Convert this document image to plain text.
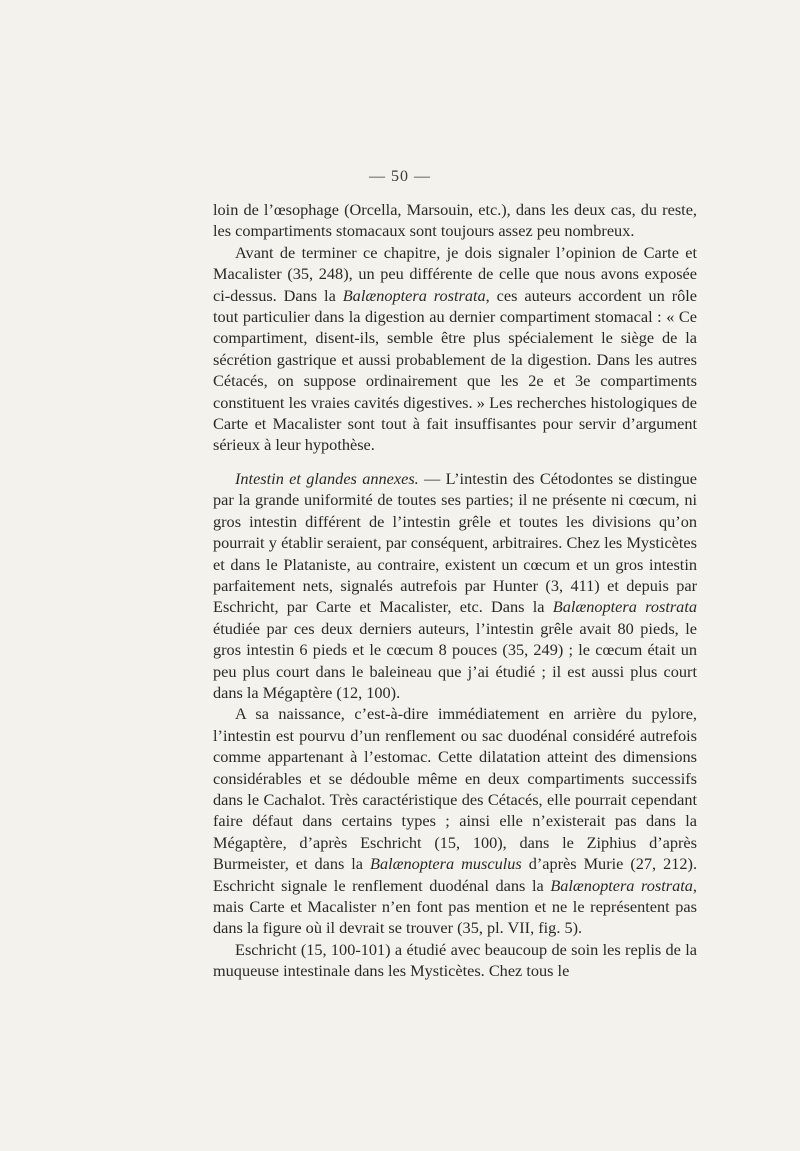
— 50 —

loin de l’œsophage (Orcella, Marsouin, etc.), dans les deux cas, du reste, les compartiments stomacaux sont toujours assez peu nombreux.

Avant de terminer ce chapitre, je dois signaler l’opinion de Carte et Macalister (35, 248), un peu différente de celle que nous avons exposée ci-dessus. Dans la Balænoptera rostrata, ces auteurs accordent un rôle tout particulier dans la digestion au dernier compartiment stomacal : « Ce compartiment, disent-ils, semble être plus spécialement le siège de la sécrétion gastrique et aussi probablement de la digestion. Dans les autres Cétacés, on suppose ordinairement que les 2e et 3e compartiments constituent les vraies cavités digestives. » Les recherches histologiques de Carte et Macalister sont tout à fait insuffisantes pour servir d’argument sérieux à leur hypothèse.

Intestin et glandes annexes. — L’intestin des Cétodontes se distingue par la grande uniformité de toutes ses parties; il ne présente ni cœcum, ni gros intestin différent de l’intestin grêle et toutes les divisions qu’on pourrait y établir seraient, par conséquent, arbitraires. Chez les Mysticètes et dans le Plataniste, au contraire, existent un cœcum et un gros intestin parfaitement nets, signalés autrefois par Hunter (3, 411) et depuis par Eschricht, par Carte et Macalister, etc. Dans la Balænoptera rostrata étudiée par ces deux derniers auteurs, l’intestin grêle avait 80 pieds, le gros intestin 6 pieds et le cœcum 8 pouces (35, 249) ; le cœcum était un peu plus court dans le baleineau que j’ai étudié ; il est aussi plus court dans la Mégaptère (12, 100).

A sa naissance, c’est-à-dire immédiatement en arrière du pylore, l’intestin est pourvu d’un renflement ou sac duodénal considéré autrefois comme appartenant à l’estomac. Cette dilatation atteint des dimensions considérables et se dédouble même en deux compartiments successifs dans le Cachalot. Très caractéristique des Cétacés, elle pourrait cependant faire défaut dans certains types ; ainsi elle n’existerait pas dans la Mégaptère, d’après Eschricht (15, 100), dans le Ziphius d’après Burmeister, et dans la Balænoptera musculus d’après Murie (27, 212). Eschricht signale le renflement duodénal dans la Balænoptera rostrata, mais Carte et Macalister n’en font pas mention et ne le représentent pas dans la figure où il devrait se trouver (35, pl. VII, fig. 5).

Eschricht (15, 100-101) a étudié avec beaucoup de soin les replis de la muqueuse intestinale dans les Mysticètes. Chez tous le
